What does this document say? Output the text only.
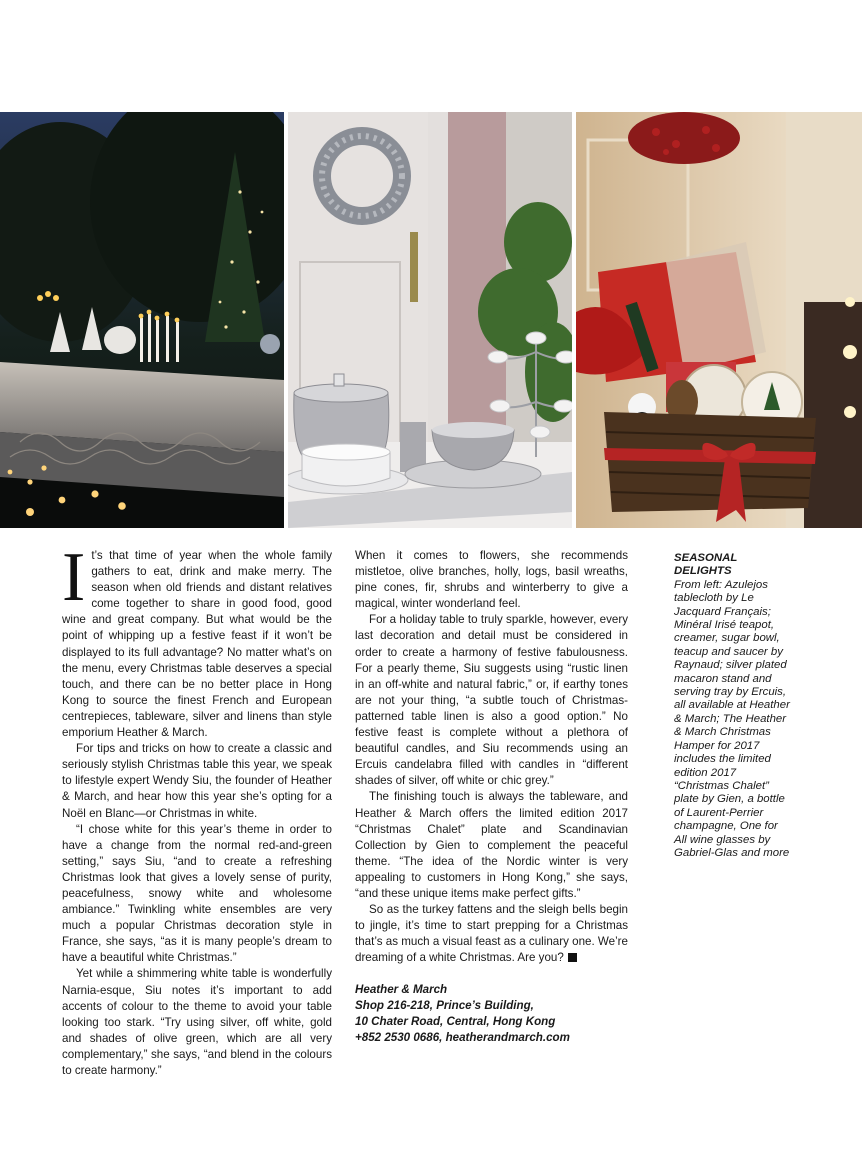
It’s that time of year when the whole family gathers to eat, drink and make merry. The season when old friends and distant relatives come together to share in good food, good wine and great company. But what would be the point of whipping up a festive feast if it won’t be displayed to its full advantage? No matter what’s on the menu, every Christmas table deserves a special touch, and there can be no better place in Hong Kong to source the finest French and European centrepieces, tableware, silver and linens than style emporium Heather & March.

For tips and tricks on how to create a classic and seriously stylish Christmas table this year, we speak to lifestyle expert Wendy Siu, the founder of Heather & March, and hear how this year she’s opting for a Noël en Blanc—or Christmas in white.

“I chose white for this year’s theme in order to have a change from the normal red-and-green setting,” says Siu, “and to create a refreshing Christmas look that gives a lovely sense of purity, peacefulness, snowy white and wholesome ambiance.” Twinkling white ensembles are very much a popular Christmas decoration style in France, she says, “as it is many people’s dream to have a beautiful white Christmas.”

Yet while a shimmering white table is wonderfully Narnia-esque, Siu notes it’s important to add accents of colour to the theme to avoid your table looking too stark. “Try using silver, off white, gold and shades of olive green, which are all very complementary,” she says, “and blend in the colours to create harmony.”

When it comes to flowers, she recommends mistletoe, olive branches, holly, logs, basil wreaths, pine cones, fir, shrubs and winterberry to give a magical, winter wonderland feel.

For a holiday table to truly sparkle, however, every last decoration and detail must be considered in order to create a harmony of festive fabulousness. For a pearly theme, Siu suggests using “rustic linen in an off-white and natural fabric,” or, if earthy tones are not your thing, “a subtle touch of Christmas-patterned table linen is also a good option.” No festive feast is complete without a plethora of beautiful candles, and Siu recommends using an Ercuis candelabra filled with candles in “different shades of silver, off white or chic grey.”

The finishing touch is always the tableware, and Heather & March offers the limited edition 2017 “Christmas Chalet” plate and Scandinavian Collection by Gien to complement the peaceful theme. “The idea of the Nordic winter is very appealing to customers in Hong Kong,” she says, “and these unique items make perfect gifts.”

So as the turkey fattens and the sleigh bells begin to jingle, it’s time to start prepping for a Christmas that’s as much a visual feast as a culinary one. We’re dreaming of a white Christmas. Are you?

Heather & March
Shop 216-218, Prince’s Building,
10 Chater Road, Central, Hong Kong
+852 2530 0686, heatherandmarch.com
SEASONAL DELIGHTS
From left: Azulejos tablecloth by Le Jacquard Français; Minéral Irisé teapot, creamer, sugar bowl, teacup and saucer by Raynaud; silver plated macaron stand and serving tray by Ercuis, all available at Heather & March; The Heather & March Christmas Hamper for 2017 includes the limited edition 2017 “Christmas Chalet” plate by Gien, a bottle of Laurent-Perrier champagne, One for All wine glasses by Gabriel-Glas and more
